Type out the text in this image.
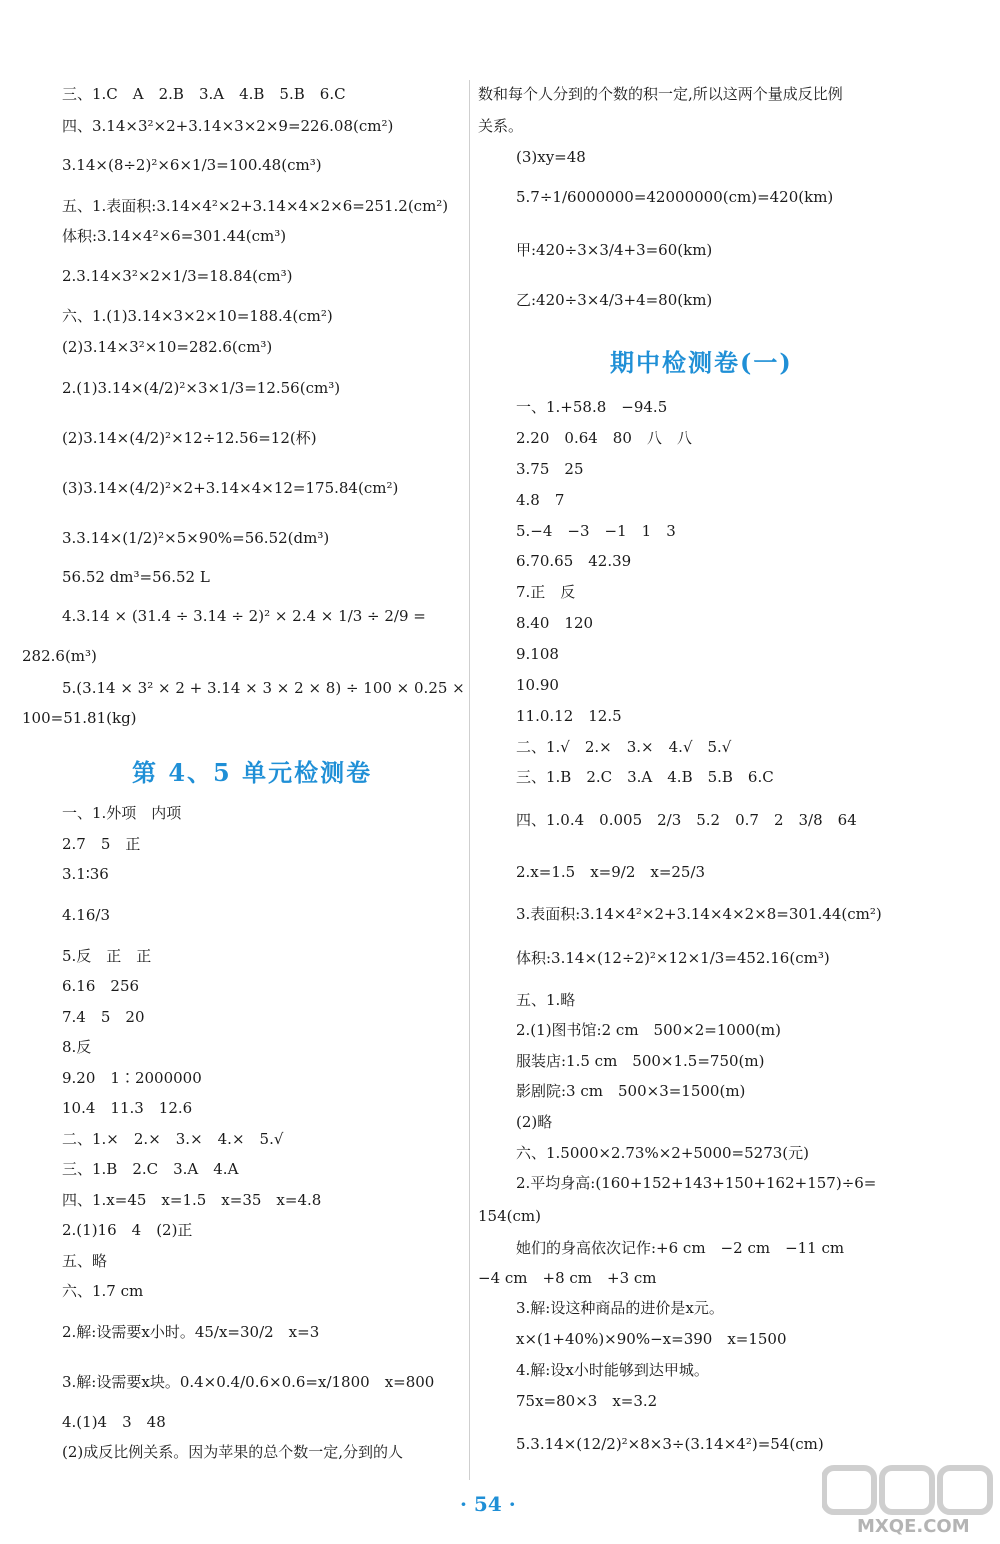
三、1.C　A　2.B　3.A　4.B　5.B　6.C
四、3.14×3²×2+3.14×3×2×9=226.08(cm²)
3.14×(8÷2)²×6×1/3=100.48(cm³)
五、1.表面积:3.14×4²×2+3.14×4×2×6=251.2(cm²)
体积:3.14×4²×6=301.44(cm³)
2.3.14×3²×2×1/3=18.84(cm³)
六、1.(1)3.14×3×2×10=188.4(cm²)
(2)3.14×3²×10=282.6(cm³)
2.(1)3.14×(4/2)²×3×1/3=12.56(cm³)
(2)3.14×(4/2)²×12÷12.56=12(杯)
(3)3.14×(4/2)²×2+3.14×4×12=175.84(cm²)
3.3.14×(1/2)²×5×90%=56.52(dm³)
56.52 dm³=56.52 L
4.3.14 × (31.4 ÷ 3.14 ÷ 2)² × 2.4 × 1/3 ÷ 2/9 =
282.6(m³)
5.(3.14 × 3² × 2 + 3.14 × 3 × 2 × 8) ÷ 100 × 0.25 ×
100=51.81(kg)
第 4、5 单元检测卷
一、1.外项　内项
2.7　5　正
3.1∶36
4.16/3
5.反　正　正
6.16　256
7.4　5　20
8.反
9.20　1∶2000000
10.4　11.3　12.6
二、1.×　2.×　3.×　4.×　5.√
三、1.B　2.C　3.A　4.A
四、1.x=45　x=1.5　x=35　x=4.8
2.(1)16　4　(2)正
五、略
六、1.7 cm
2.解:设需要x小时。45/x=30/2　x=3
3.解:设需要x块。0.4×0.4/0.6×0.6=x/1800　x=800
4.(1)4　3　48
(2)成反比例关系。因为苹果的总个数一定,分到的人
数和每个人分到的个数的积一定,所以这两个量成反比例
关系。
(3)xy=48
5.7÷1/6000000=42000000(cm)=420(km)
甲:420÷3×3/4+3=60(km)
乙:420÷3×4/3+4=80(km)
期中检测卷(一)
一、1.+58.8　−94.5
2.20　0.64　80　八　八
3.75　25
4.8　7
5.−4　−3　−1　1　3
6.70.65　42.39
7.正　反
8.40　120
9.108
10.90
11.0.12　12.5
二、1.√　2.×　3.×　4.√　5.√
三、1.B　2.C　3.A　4.B　5.B　6.C
四、1.0.4　0.005　2/3　5.2　0.7　2　3/8　64
2.x=1.5　x=9/2　x=25/3
3.表面积:3.14×4²×2+3.14×4×2×8=301.44(cm²)
体积:3.14×(12÷2)²×12×1/3=452.16(cm³)
五、1.略
2.(1)图书馆:2 cm　500×2=1000(m)
服装店:1.5 cm　500×1.5=750(m)
影剧院:3 cm　500×3=1500(m)
(2)略
六、1.5000×2.73%×2+5000=5273(元)
2.平均身高:(160+152+143+150+162+157)÷6=
154(cm)
她们的身高依次记作:+6 cm　−2 cm　−11 cm
−4 cm　+8 cm　+3 cm
3.解:设这种商品的进价是x元。
x×(1+40%)×90%−x=390　x=1500
4.解:设x小时能够到达甲城。
75x=80×3　x=3.2
5.3.14×(12/2)²×8×3÷(3.14×4²)=54(cm)
· 54 ·
MXQE.COM
